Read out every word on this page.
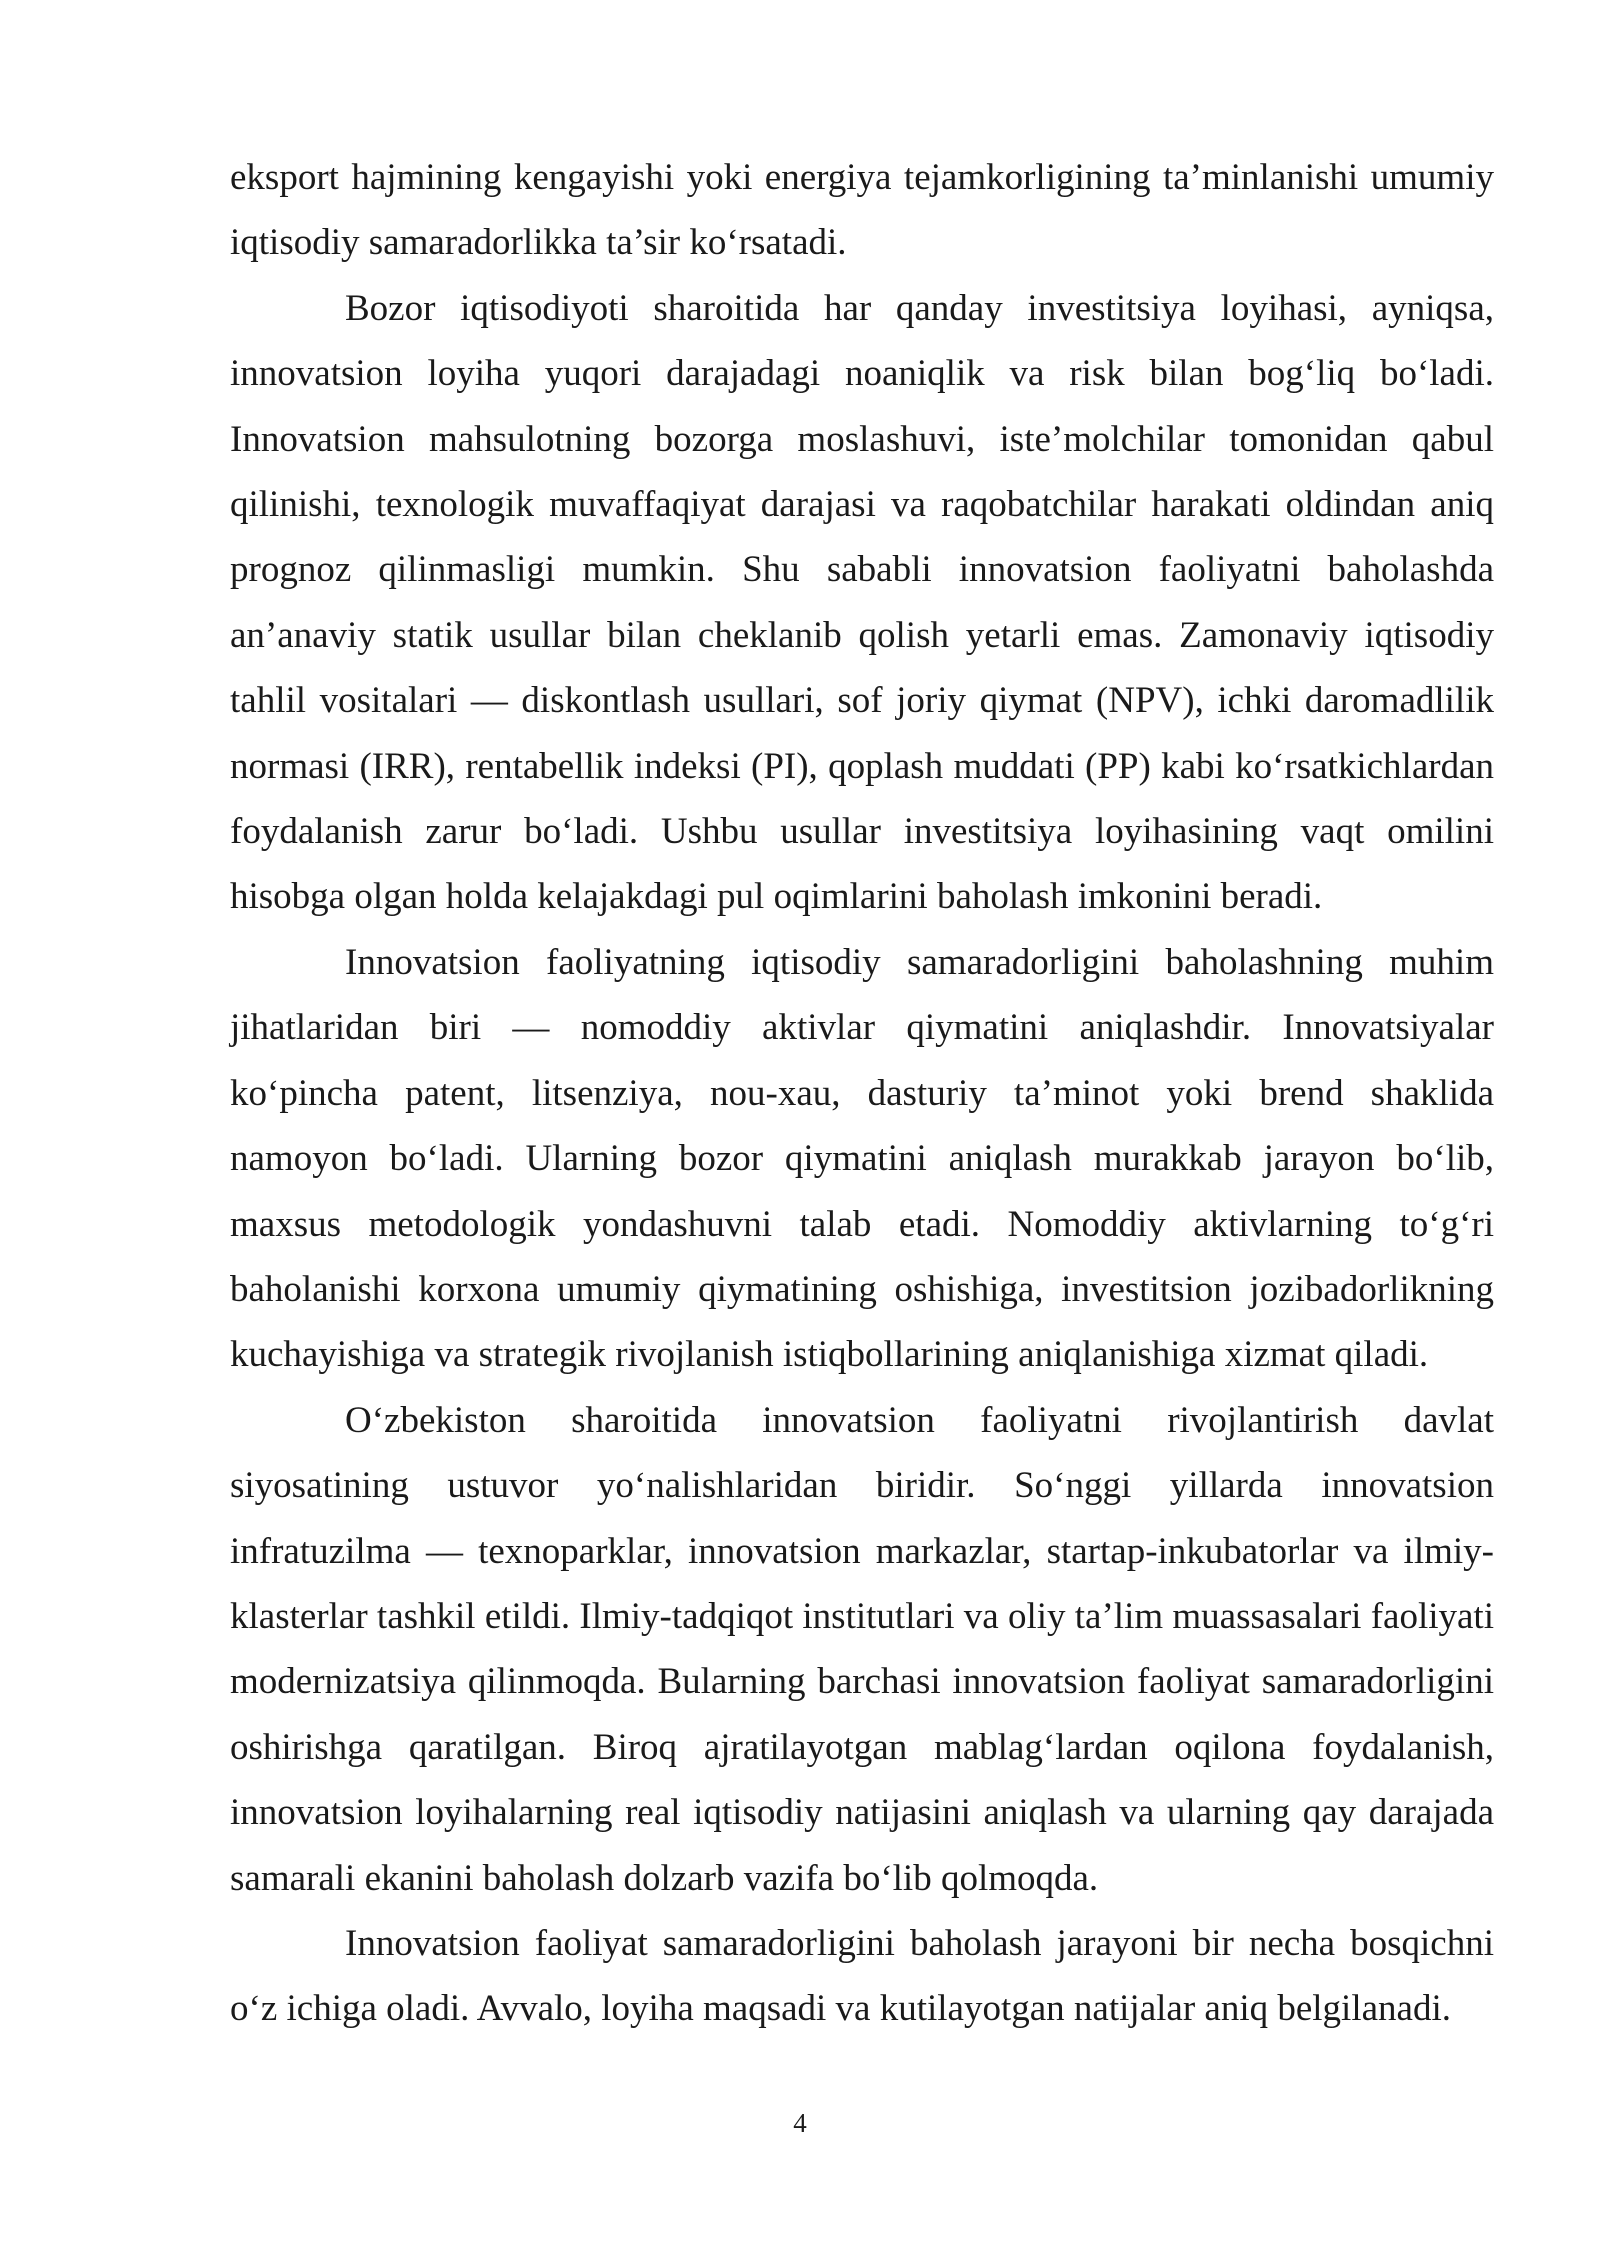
eksport hajmining kengayishi yoki energiya tejamkorligining ta’minlanishi umumiy iqtisodiy samaradorlikka ta’sir koʻrsatadi.

Bozor iqtisodiyoti sharoitida har qanday investitsiya loyihasi, ayniqsa, innovatsion loyiha yuqori darajadagi noaniqlik va risk bilan bogʻliq boʻladi. Innovatsion mahsulotning bozorga moslashuvi, iste’molchilar tomonidan qabul qilinishi, texnologik muvaffaqiyat darajasi va raqobatchilar harakati oldindan aniq prognoz qilinmasligi mumkin. Shu sababli innovatsion faoliyatni baholashda an’anaviy statik usullar bilan cheklanib qolish yetarli emas. Zamonaviy iqtisodiy tahlil vositalari — diskontlash usullari, sof joriy qiymat (NPV), ichki daromadlilik normasi (IRR), rentabellik indeksi (PI), qoplash muddati (PP) kabi koʻrsatkichlardan foydalanish zarur boʻladi. Ushbu usullar investitsiya loyihasining vaqt omilini hisobga olgan holda kelajakdagi pul oqimlarini baholash imkonini beradi.

Innovatsion faoliyatning iqtisodiy samaradorligini baholashning muhim jihatlaridan biri — nomoddiy aktivlar qiymatini aniqlashdir. Innovatsiyalar koʻpincha patent, litsenziya, nou-xau, dasturiy ta’minot yoki brend shaklida namoyon boʻladi. Ularning bozor qiymatini aniqlash murakkab jarayon boʻlib, maxsus metodologik yondashuvni talab etadi. Nomoddiy aktivlarning toʻgʻri baholanishi korxona umumiy qiymatining oshishiga, investitsion jozibadorlikning kuchayishiga va strategik rivojlanish istiqbollarining aniqlanishiga xizmat qiladi.

Oʻzbekiston sharoitida innovatsion faoliyatni rivojlantirish davlat siyosatining ustuvor yoʻnalishlaridan biridir. Soʻnggi yillarda innovatsion infratuzilma — texnoparklar, innovatsion markazlar, startap-inkubatorlar va ilmiy-klasterlar tashkil etildi. Ilmiy-tadqiqot institutlari va oliy ta’lim muassasalari faoliyati modernizatsiya qilinmoqda. Bularning barchasi innovatsion faoliyat samaradorligini oshirishga qaratilgan. Biroq ajratilayotgan mablagʻlardan oqilona foydalanish, innovatsion loyihalarning real iqtisodiy natijasini aniqlash va ularning qay darajada samarali ekanini baholash dolzarb vazifa boʻlib qolmoqda.

Innovatsion faoliyat samaradorligini baholash jarayoni bir necha bosqichni oʻz ichiga oladi. Avvalo, loyiha maqsadi va kutilayotgan natijalar aniq belgilanadi.

4
